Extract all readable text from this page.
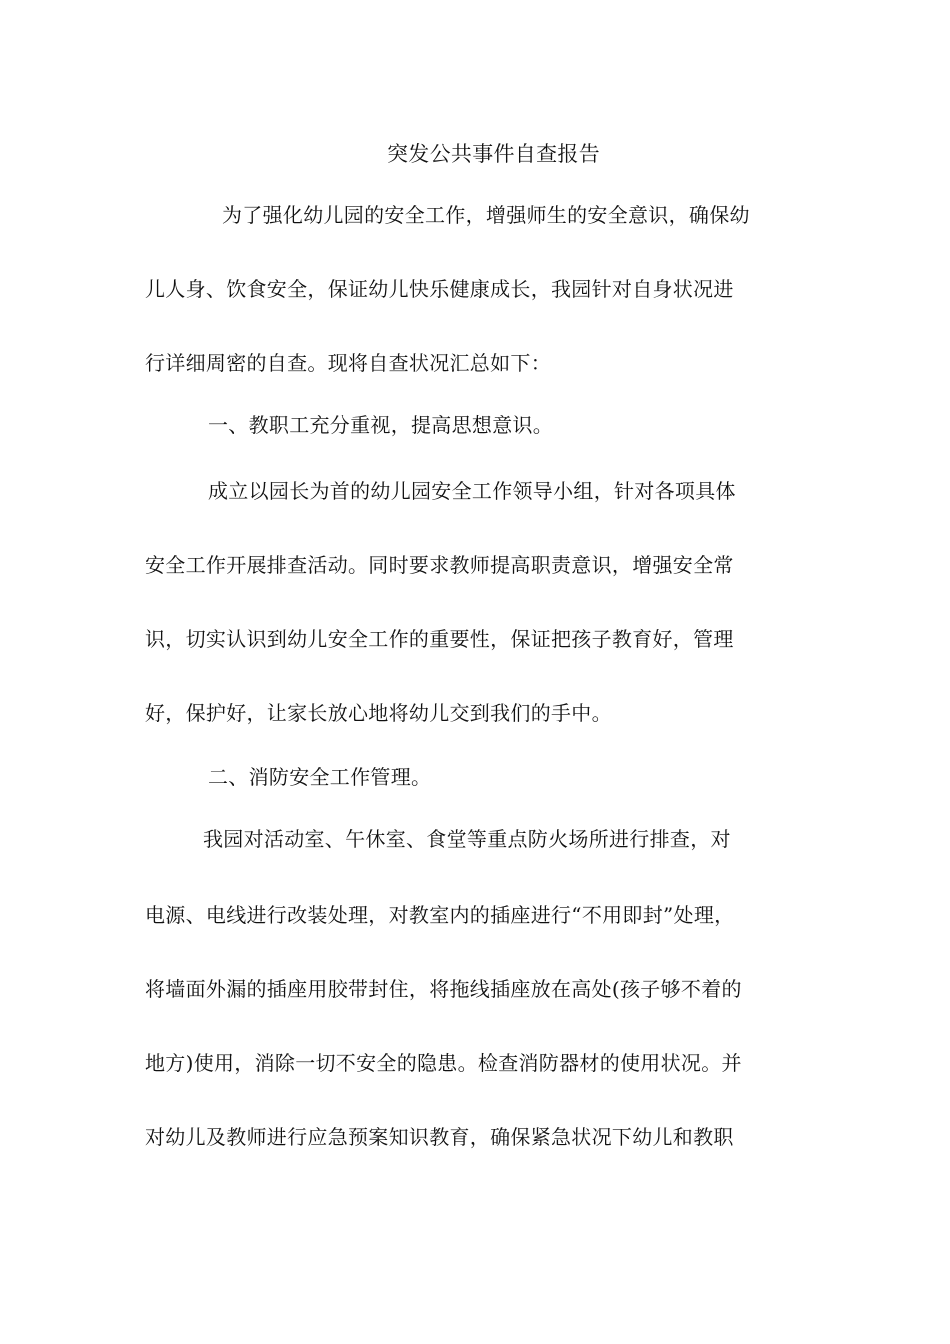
突发公共事件自查报告

为了强化幼儿园的安全工作，增强师生的安全意识，确保幼

儿人身、饮食安全，保证幼儿快乐健康成长，我园针对自身状况进

行详细周密的自查。现将自查状况汇总如下：

一、教职工充分重视，提高思想意识。

成立以园长为首的幼儿园安全工作领导小组，针对各项具体

安全工作开展排查活动。同时要求教师提高职责意识，增强安全常

识，切实认识到幼儿安全工作的重要性，保证把孩子教育好，管理

好，保护好，让家长放心地将幼儿交到我们的手中。

二、消防安全工作管理。

我园对活动室、午休室、食堂等重点防火场所进行排查，对

电源、电线进行改装处理，对教室内的插座进行“不用即封”处理，

将墙面外漏的插座用胶带封住，将拖线插座放在高处(孩子够不着的

地方)使用，消除一切不安全的隐患。检查消防器材的使用状况。并

对幼儿及教师进行应急预案知识教育，确保紧急状况下幼儿和教职
